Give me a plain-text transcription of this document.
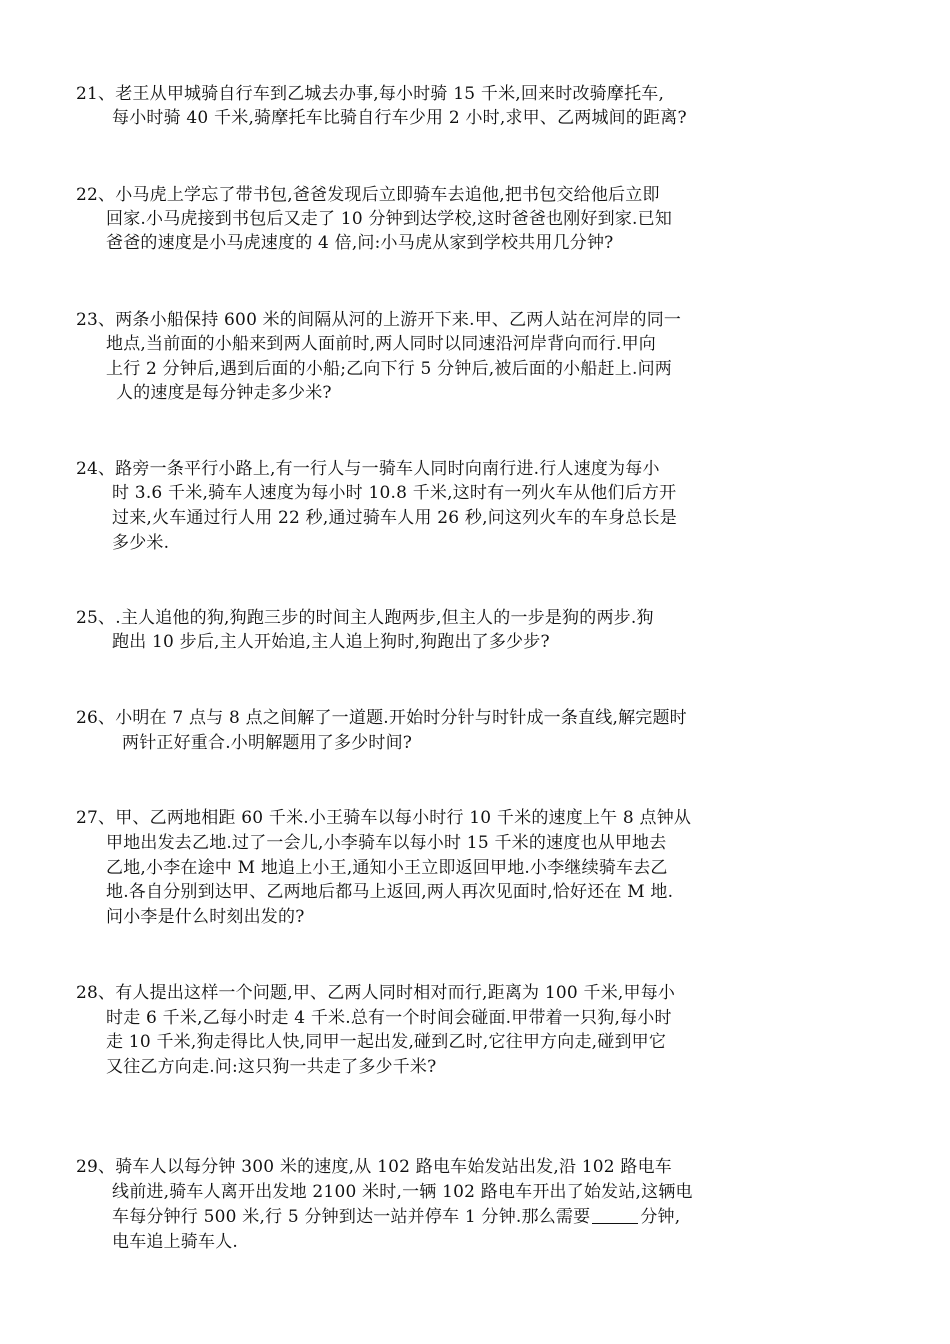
21、老王从甲城骑自行车到乙城去办事,每小时骑 15 千米,回来时改骑摩托车,
每小时骑 40 千米,骑摩托车比骑自行车少用 2 小时,求甲、乙两城间的距离?
22、小马虎上学忘了带书包,爸爸发现后立即骑车去追他,把书包交给他后立即
回家.小马虎接到书包后又走了 10 分钟到达学校,这时爸爸也刚好到家.已知
爸爸的速度是小马虎速度的 4 倍,问:小马虎从家到学校共用几分钟?
23、两条小船保持 600 米的间隔从河的上游开下来.甲、乙两人站在河岸的同一
地点,当前面的小船来到两人面前时,两人同时以同速沿河岸背向而行.甲向
上行 2 分钟后,遇到后面的小船;乙向下行 5 分钟后,被后面的小船赶上.问两
人的速度是每分钟走多少米?
24、路旁一条平行小路上,有一行人与一骑车人同时向南行进.行人速度为每小
时 3.6 千米,骑车人速度为每小时 10.8 千米,这时有一列火车从他们后方开
过来,火车通过行人用 22 秒,通过骑车人用 26 秒,问这列火车的车身总长是
多少米.
25、.主人追他的狗,狗跑三步的时间主人跑两步,但主人的一步是狗的两步.狗
跑出 10 步后,主人开始追,主人追上狗时,狗跑出了多少步?
26、小明在 7 点与 8 点之间解了一道题.开始时分针与时针成一条直线,解完题时
两针正好重合.小明解题用了多少时间?
27、甲、乙两地相距 60 千米.小王骑车以每小时行 10 千米的速度上午 8 点钟从
甲地出发去乙地.过了一会儿,小李骑车以每小时 15 千米的速度也从甲地去
乙地,小李在途中 M 地追上小王,通知小王立即返回甲地.小李继续骑车去乙
地.各自分别到达甲、乙两地后都马上返回,两人再次见面时,恰好还在 M 地.
问小李是什么时刻出发的?
28、有人提出这样一个问题,甲、乙两人同时相对而行,距离为 100 千米,甲每小
时走 6 千米,乙每小时走 4 千米.总有一个时间会碰面.甲带着一只狗,每小时
走 10 千米,狗走得比人快,同甲一起出发,碰到乙时,它往甲方向走,碰到甲它
又往乙方向走.问:这只狗一共走了多少千米?
29、骑车人以每分钟 300 米的速度,从 102 路电车始发站出发,沿 102 路电车
线前进,骑车人离开出发地 2100 米时,一辆 102 路电车开出了始发站,这辆电
车每分钟行 500 米,行 5 分钟到达一站并停车 1 分钟.那么需要	分钟,
电车追上骑车人.
